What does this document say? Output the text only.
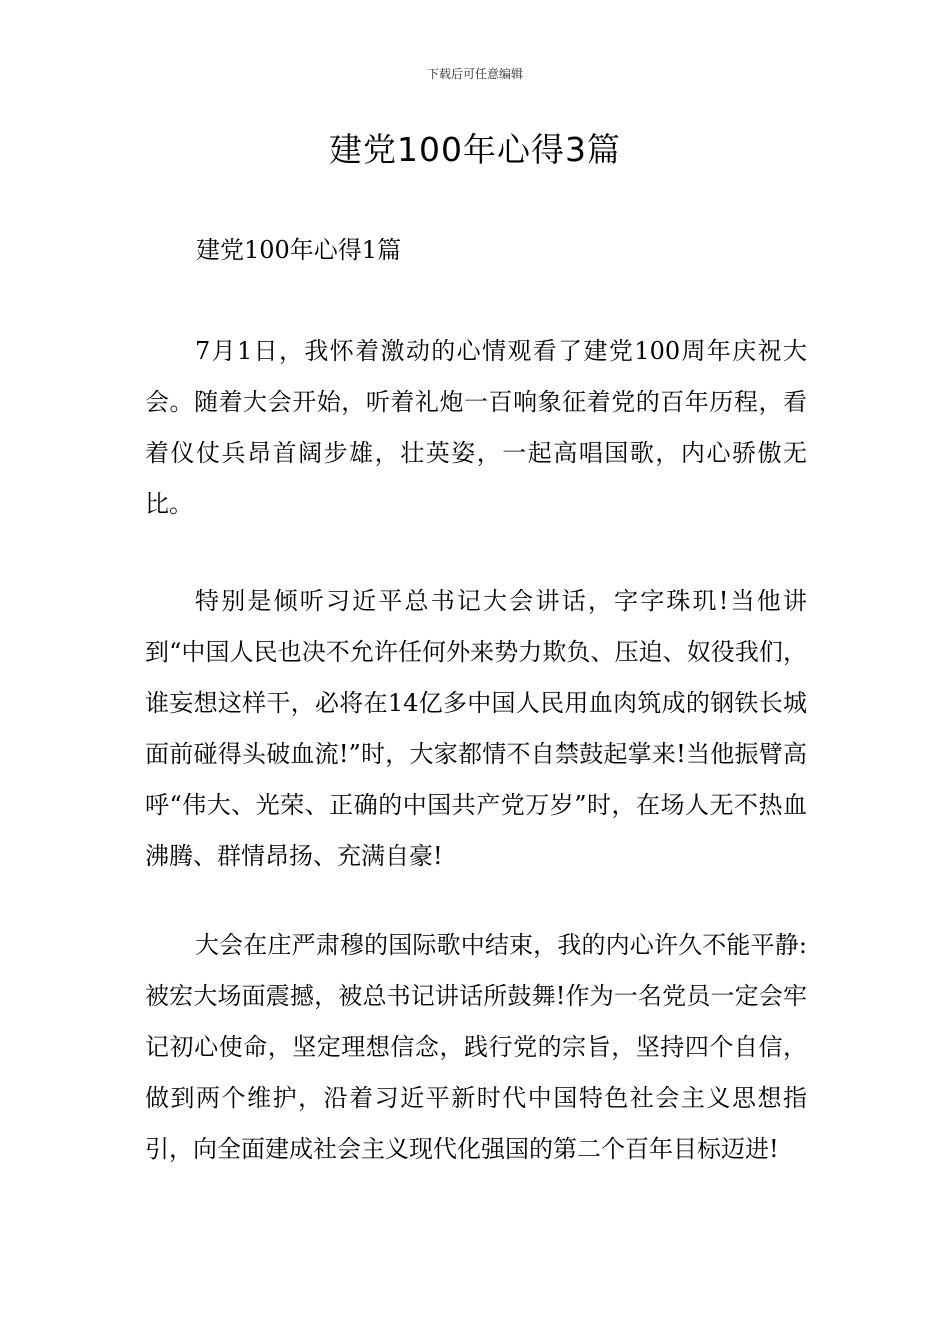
下载后可任意编辑
建党100年心得3篇
建党100年心得1篇

7月1日，我怀着激动的心情观看了建党100周年庆祝大会。随着大会开始，听着礼炮一百响象征着党的百年历程，看着仪仗兵昂首阔步雄，壮英姿，一起高唱国歌，内心骄傲无比。

特别是倾听习近平总书记大会讲话，字字珠玑!当他讲到“中国人民也决不允许任何外来势力欺负、压迫、奴役我们，谁妄想这样干，必将在14亿多中国人民用血肉筑成的钢铁长城面前碰得头破血流!”时，大家都情不自禁鼓起掌来!当他振臂高呼“伟大、光荣、正确的中国共产党万岁”时，在场人无不热血沸腾、群情昂扬、充满自豪!

大会在庄严肃穆的国际歌中结束，我的内心许久不能平静:被宏大场面震撼，被总书记讲话所鼓舞!作为一名党员一定会牢记初心使命，坚定理想信念，践行党的宗旨，坚持四个自信，做到两个维护，沿着习近平新时代中国特色社会主义思想指引，向全面建成社会主义现代化强国的第二个百年目标迈进!
